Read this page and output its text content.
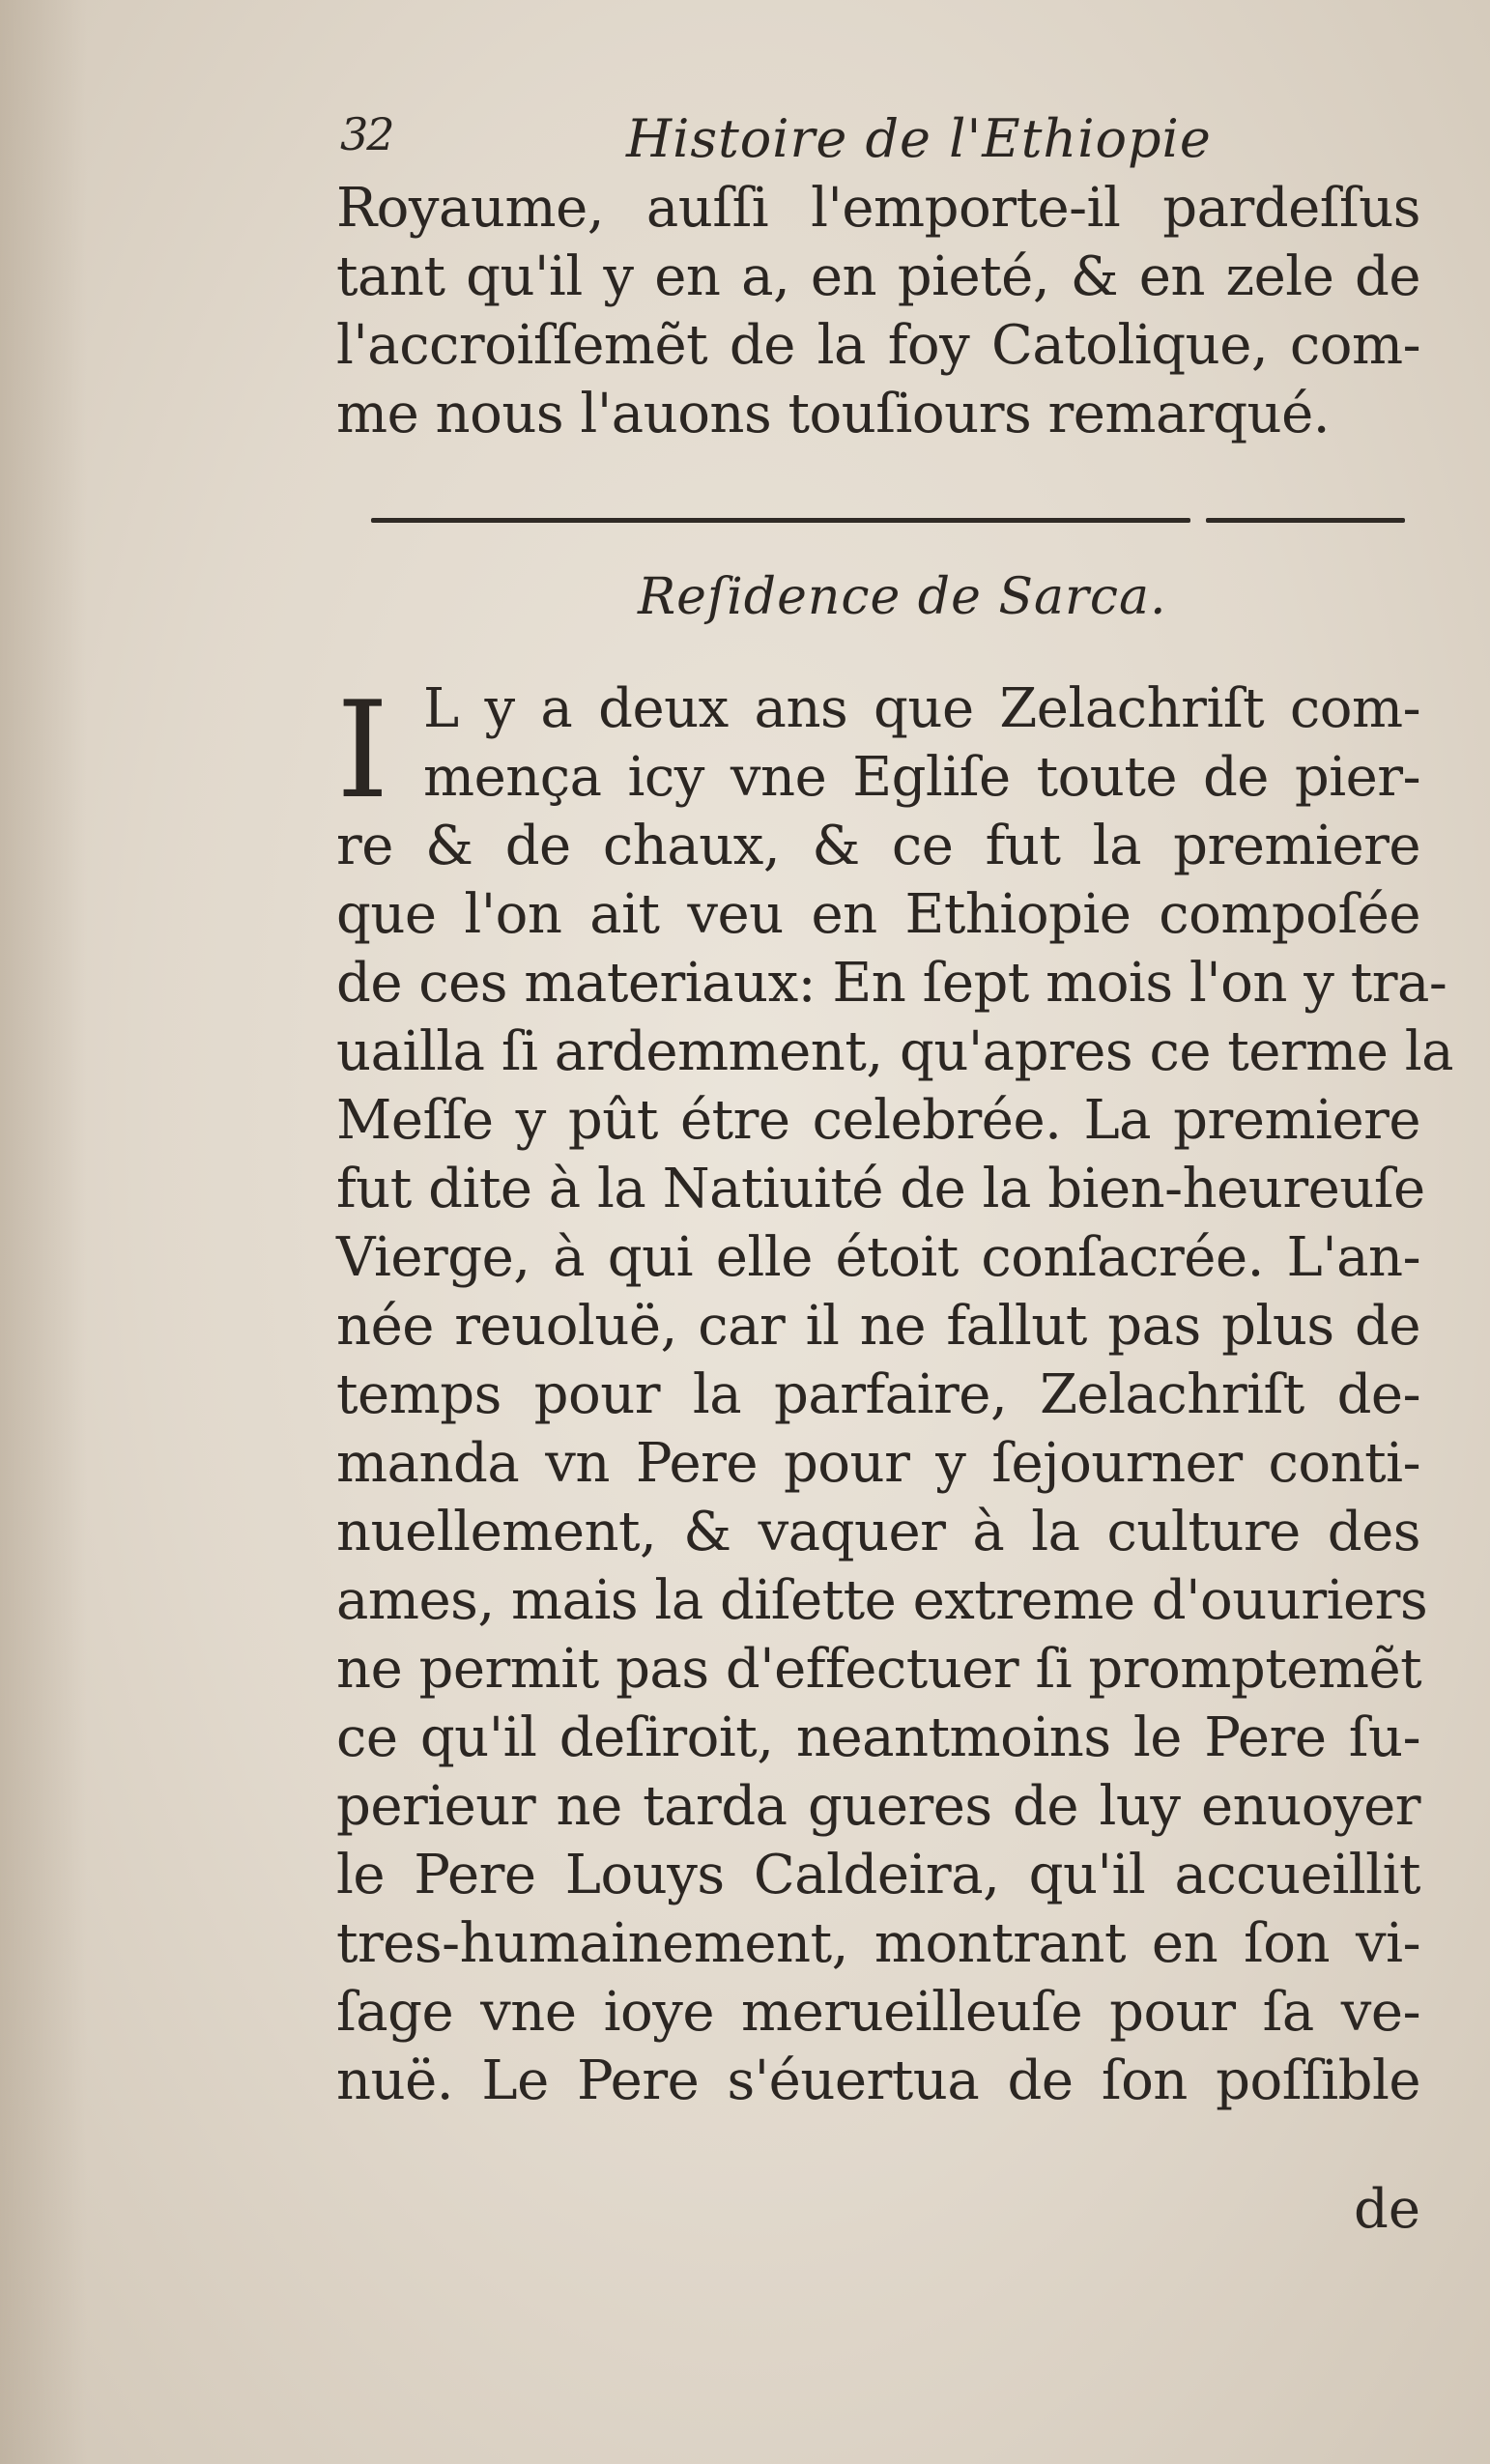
32	Histoire de l'Ethiopie
Royaume, auſſi l'emporte-il pardeſſus
tant qu'il y en a, en pieté, & en zele de
l'accroiſſemẽt de la foy Catolique, com-
me nous l'auons touſiours remarqué.
Reſidence de Sarca.
I L y a deux ans que Zelachriſt com-
mença icy vne Egliſe toute de pier-
re & de chaux, & ce fut la premiere
que l'on ait veu en Ethiopie compoſée
de ces materiaux: En ſept mois l'on y tra-
uailla ſi ardemment, qu'apres ce terme la
Meſſe y pût étre celebrée. La premiere
fut dite à la Natiuité de la bien-heureuſe
Vierge, à qui elle étoit conſacrée. L'an-
née reuoluë, car il ne fallut pas plus de
temps pour la parfaire, Zelachriſt de-
manda vn Pere pour y ſejourner conti-
nuellement, & vaquer à la culture des
ames, mais la diſette extreme d'ouuriers
ne permit pas d'effectuer ſi promptemẽt
ce qu'il deſiroit, neantmoins le Pere ſu-
perieur ne tarda gueres de luy enuoyer
le Pere Louys Caldeira, qu'il accueillit
tres-humainement, montrant en ſon vi-
ſage vne ioye merueilleuſe pour ſa ve-
nuë. Le Pere s'éuertua de ſon poſſible
de
